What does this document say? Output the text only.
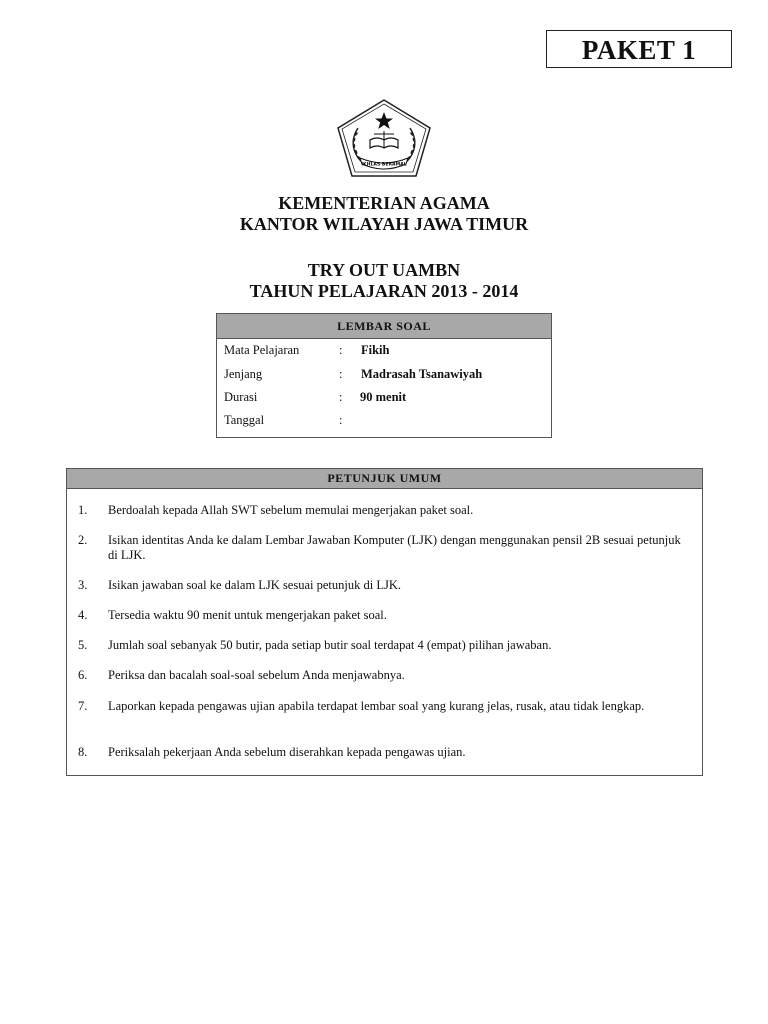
PAKET 1
IKHLAS BERAMAL
KEMENTERIAN AGAMA
KANTOR WILAYAH JAWA TIMUR
TRY OUT UAMBN
TAHUN PELAJARAN 2013 - 2014
LEMBAR SOAL
Mata Pelajaran	: Fikih
Jenjang	: Madrasah Tsanawiyah
Durasi	: 90 menit
Tanggal	:
PETUNJUK UMUM
1. Berdoalah kepada Allah SWT sebelum memulai mengerjakan paket soal.
2. Isikan identitas Anda ke dalam Lembar Jawaban Komputer (LJK) dengan menggunakan pensil 2B sesuai petunjuk di LJK.
3. Isikan jawaban soal ke dalam LJK sesuai petunjuk di LJK.
4. Tersedia waktu 90 menit untuk mengerjakan paket soal.
5. Jumlah soal sebanyak 50 butir, pada setiap butir soal terdapat 4 (empat) pilihan jawaban.
6. Periksa dan bacalah soal-soal sebelum Anda menjawabnya.
7. Laporkan kepada pengawas ujian apabila terdapat lembar soal yang kurang jelas, rusak, atau tidak lengkap.
8. Periksalah pekerjaan Anda sebelum diserahkan kepada pengawas ujian.
